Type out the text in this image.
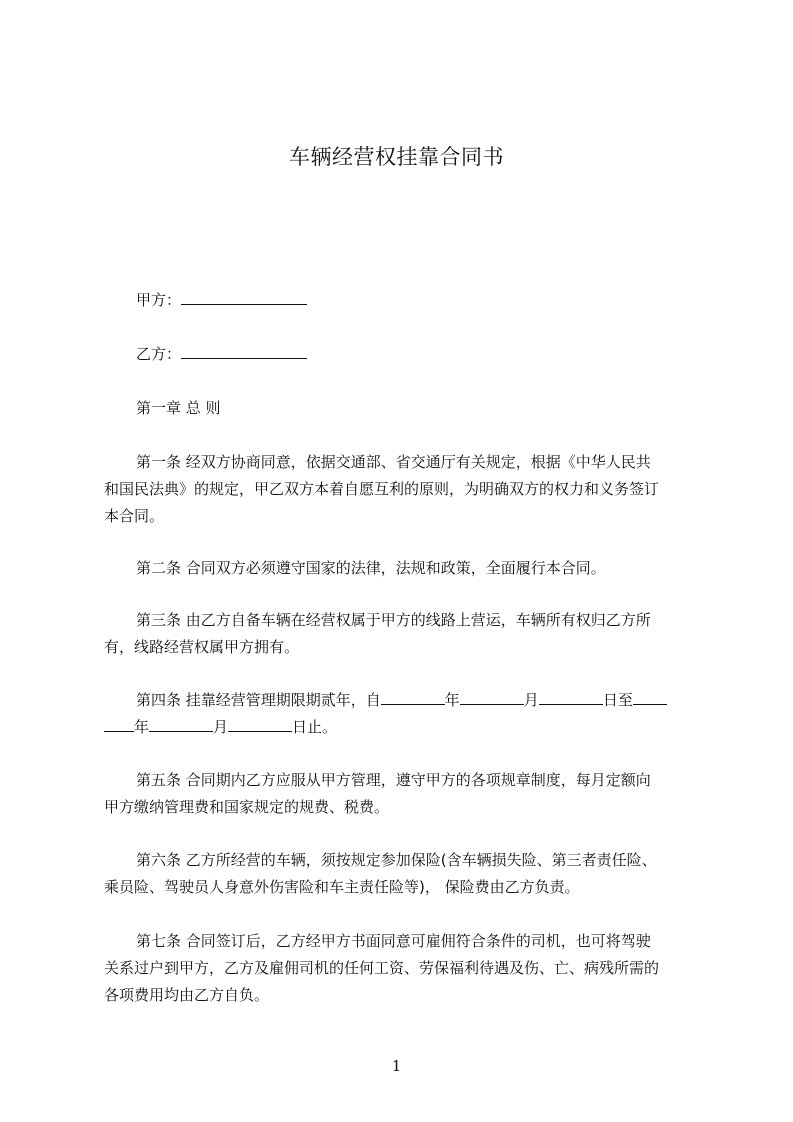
车辆经营权挂靠合同书
甲方：
乙方：
第一章 总 则
第一条 经双方协商同意，依据交通部、省交通厅有关规定，根据《中华人民共
和国民法典》的规定，甲乙双方本着自愿互利的原则，为明确双方的权力和义务签订
本合同。
第二条 合同双方必须遵守国家的法律，法规和政策，全面履行本合同。
第三条 由乙方自备车辆在经营权属于甲方的线路上营运，车辆所有权归乙方所
有，线路经营权属甲方拥有。
第四条 挂靠经营管理期限期贰年，自	年	月	日至
年	月	日止。
第五条 合同期内乙方应服从甲方管理，遵守甲方的各项规章制度，每月定额向
甲方缴纳管理费和国家规定的规费、税费。
第六条 乙方所经营的车辆，须按规定参加保险(含车辆损失险、第三者责任险、
乘员险、驾驶员人身意外伤害险和车主责任险等)， 保险费由乙方负责。
第七条 合同签订后，乙方经甲方书面同意可雇佣符合条件的司机，也可将驾驶
关系过户到甲方，乙方及雇佣司机的任何工资、劳保福利待遇及伤、亡、病残所需的
各项费用均由乙方自负。
1
